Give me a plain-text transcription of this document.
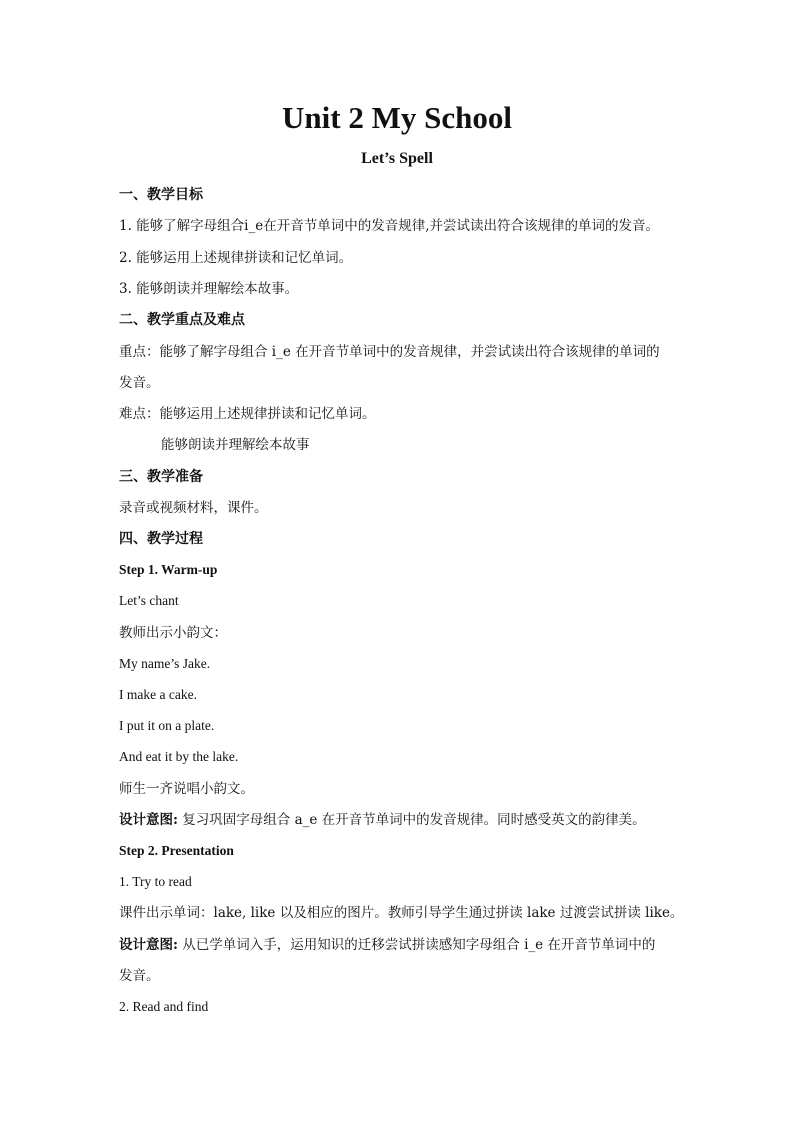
Unit 2 My School
Let’s Spell
一、教学目标
1. 能够了解字母组合i_e在开音节单词中的发音规律,并尝试读出符合该规律的单词的发音。
2. 能够运用上述规律拼读和记忆单词。
3. 能够朗读并理解绘本故事。
二、教学重点及难点
重点：能够了解字母组合 i_e 在开音节单词中的发音规律，并尝试读出符合该规律的单词的
发音。
难点：能够运用上述规律拼读和记忆单词。
能够朗读并理解绘本故事
三、教学准备
录音或视频材料，课件。
四、教学过程
Step 1. Warm-up
Let’s chant
教师出示小韵文：
My name’s Jake.
I make a cake.
I put it on a plate.
And eat it by the lake.
师生一齐说唱小韵文。
设计意图: 复习巩固字母组合 a_e 在开音节单词中的发音规律。同时感受英文的韵律美。
Step 2. Presentation
1. Try to read
课件出示单词：lake, like 以及相应的图片。教师引导学生通过拼读 lake 过渡尝试拼读 like。
设计意图: 从已学单词入手，运用知识的迁移尝试拼读感知字母组合 i_e 在开音节单词中的
发音。
2. Read and find
